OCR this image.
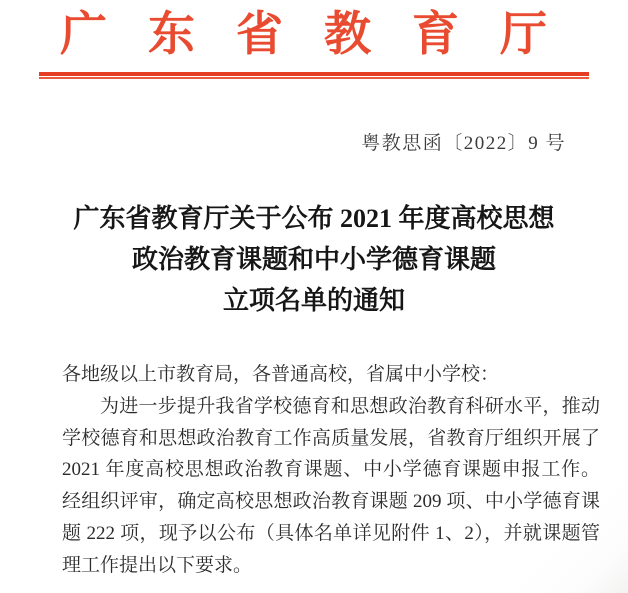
广东省教育厅
粤教思函〔2022〕9 号
广东省教育厅关于公布 2021 年度高校思想
政治教育课题和中小学德育课题
立项名单的通知

各地级以上市教育局，各普通高校，省属中小学校：

为进一步提升我省学校德育和思想政治教育科研水平，推动

学校德育和思想政治教育工作高质量发展，省教育厅组织开展了

2021 年度高校思想政治教育课题、中小学德育课题申报工作。

经组织评审，确定高校思想政治教育课题 209 项、中小学德育课

题 222 项，现予以公布（具体名单详见附件 1、2），并就课题管

理工作提出以下要求。
